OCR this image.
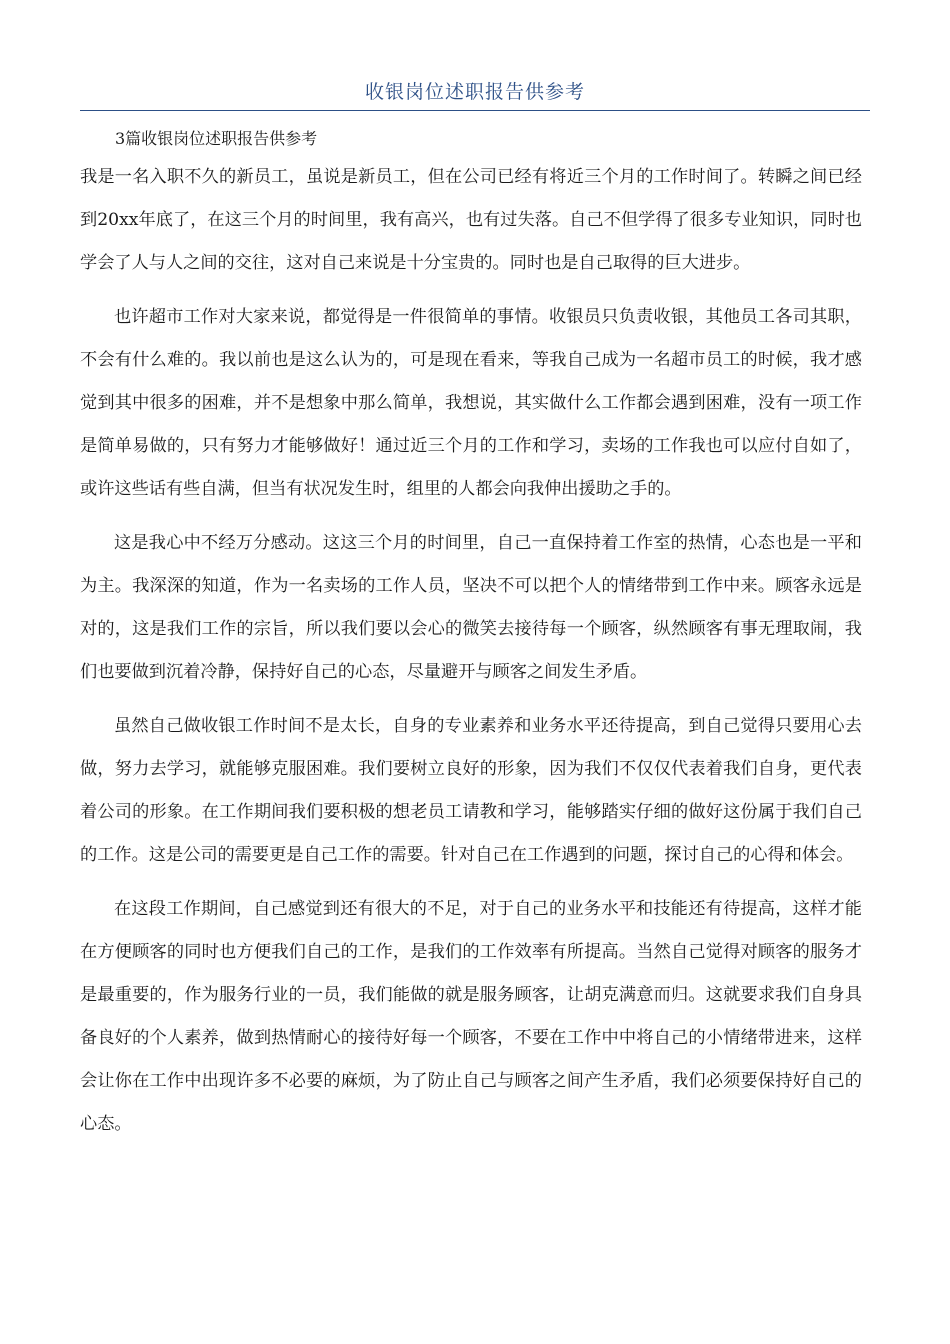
收银岗位述职报告供参考
3篇收银岗位述职报告供参考

我是一名入职不久的新员工，虽说是新员工，但在公司已经有将近三个月的工作时间了。转瞬之间已经到20xx年底了，在这三个月的时间里，我有高兴，也有过失落。自己不但学得了很多专业知识，同时也学会了人与人之间的交往，这对自己来说是十分宝贵的。同时也是自己取得的巨大进步。

也许超市工作对大家来说，都觉得是一件很简单的事情。收银员只负责收银，其他员工各司其职，不会有什么难的。我以前也是这么认为的，可是现在看来，等我自己成为一名超市员工的时候，我才感觉到其中很多的困难，并不是想象中那么简单，我想说，其实做什么工作都会遇到困难，没有一项工作是简单易做的，只有努力才能够做好！通过近三个月的工作和学习，卖场的工作我也可以应付自如了，或许这些话有些自满，但当有状况发生时，组里的人都会向我伸出援助之手的。

这是我心中不经万分感动。这这三个月的时间里，自己一直保持着工作室的热情，心态也是一平和为主。我深深的知道，作为一名卖场的工作人员，坚决不可以把个人的情绪带到工作中来。顾客永远是对的，这是我们工作的宗旨，所以我们要以会心的微笑去接待每一个顾客，纵然顾客有事无理取闹，我们也要做到沉着冷静，保持好自己的心态，尽量避开与顾客之间发生矛盾。

虽然自己做收银工作时间不是太长，自身的专业素养和业务水平还待提高，到自己觉得只要用心去做，努力去学习，就能够克服困难。我们要树立良好的形象，因为我们不仅仅代表着我们自身，更代表着公司的形象。在工作期间我们要积极的想老员工请教和学习，能够踏实仔细的做好这份属于我们自己的工作。这是公司的需要更是自己工作的需要。针对自己在工作遇到的问题，探讨自己的心得和体会。

在这段工作期间，自己感觉到还有很大的不足，对于自己的业务水平和技能还有待提高，这样才能在方便顾客的同时也方便我们自己的工作，是我们的工作效率有所提高。当然自己觉得对顾客的服务才是最重要的，作为服务行业的一员，我们能做的就是服务顾客，让胡克满意而归。这就要求我们自身具备良好的个人素养，做到热情耐心的接待好每一个顾客，不要在工作中中将自己的小情绪带进来，这样会让你在工作中出现许多不必要的麻烦，为了防止自己与顾客之间产生矛盾，我们必须要保持好自己的心态。
